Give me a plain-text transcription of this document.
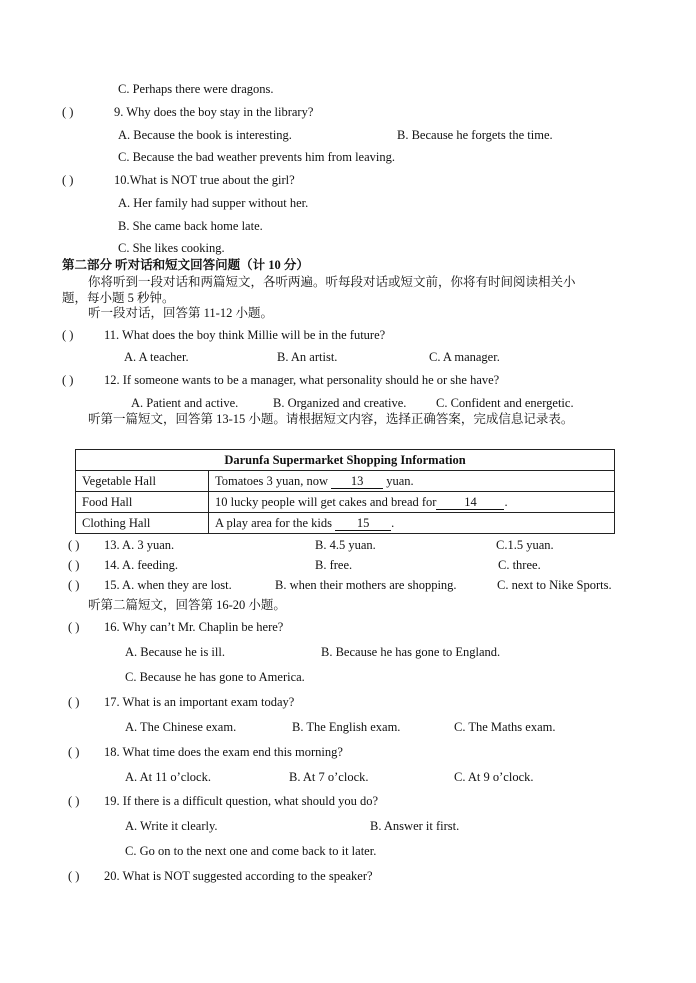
C. Perhaps there were dragons.
( )	9. Why does the boy stay in the library?
A. Because the book is interesting.	B. Because he forgets the time.
C. Because the bad weather prevents him from leaving.
( )	10.What is NOT true about the girl?
A. Her family had supper without her.
B. She came back home late.
C. She likes cooking.
第二部分 听对话和短文回答问题（计 10 分）
你将听到一段对话和两篇短文，各听两遍。听每段对话或短文前，你将有时间阅读相关小
题，每小题 5 秒钟。
听一段对话，回答第 11-12 小题。
( ) 11. What does the boy think Millie will be in the future?
A. A teacher.	B. An artist.	C. A manager.
( ) 12. If someone wants to be a manager, what personality should he or she have?
A. Patient and active.	B. Organized and creative. C. Confident and energetic.
听第一篇短文，回答第 13-15 小题。请根据短文内容，选择正确答案，完成信息记录表。
Darunfa Supermarket Shopping Information	
Vegetable Hall	Tomatoes 3 yuan, now 13 yuan.
Food Hall	10 lucky people will get cakes and bread for 14 .
Clothing Hall	A play area for the kids 15 .
( ) 13. A. 3 yuan.	B. 4.5 yuan.	C.1.5 yuan.
( ) 14. A. feeding.	B. free.	C. three.
( ) 15. A. when they are lost.	B. when their mothers are shopping.	C. next to Nike Sports.
听第二篇短文，回答第 16-20 小题。
( ) 16. Why can’t Mr. Chaplin be here?
A. Because he is ill.	B. Because he has gone to England.
C. Because he has gone to America.
( ) 17. What is an important exam today?
A. The Chinese exam.	B. The English exam.	C. The Maths exam.
( ) 18. What time does the exam end this morning?
A. At 11 o’clock.	B. At 7 o’clock.	C. At 9 o’clock.
( ) 19. If there is a difficult question, what should you do?
A. Write it clearly.	B. Answer it first.
C. Go on to the next one and come back to it later.
( ) 20. What is NOT suggested according to the speaker?
